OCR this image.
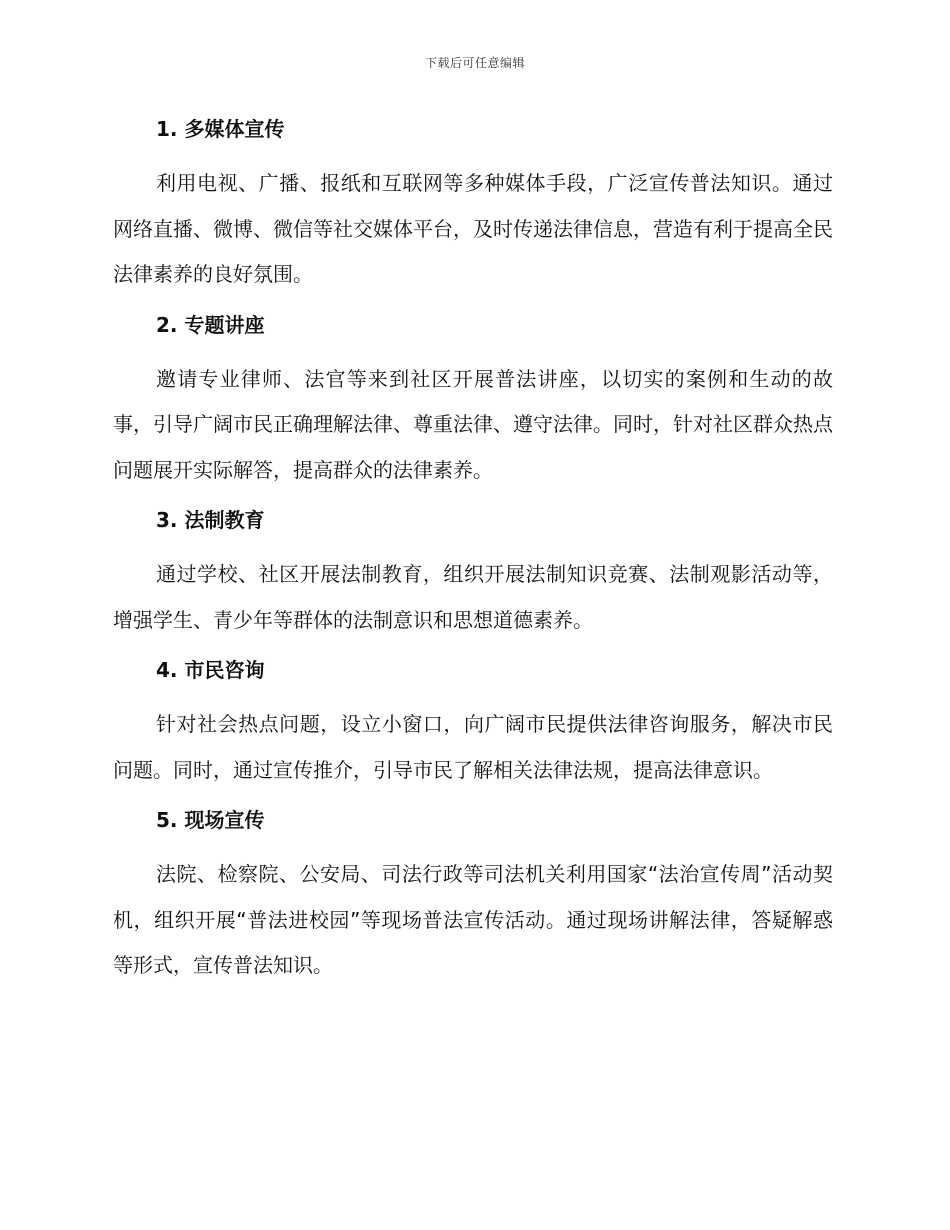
下载后可任意编辑
1. 多媒体宣传

利用电视、广播、报纸和互联网等多种媒体手段，广泛宣传普法知识。通过网络直播、微博、微信等社交媒体平台，及时传递法律信息，营造有利于提高全民法律素养的良好氛围。

2. 专题讲座

邀请专业律师、法官等来到社区开展普法讲座，以切实的案例和生动的故事，引导广阔市民正确理解法律、尊重法律、遵守法律。同时，针对社区群众热点问题展开实际解答，提高群众的法律素养。

3. 法制教育

通过学校、社区开展法制教育，组织开展法制知识竞赛、法制观影活动等，增强学生、青少年等群体的法制意识和思想道德素养。

4. 市民咨询

针对社会热点问题，设立小窗口，向广阔市民提供法律咨询服务，解决市民问题。同时，通过宣传推介，引导市民了解相关法律法规，提高法律意识。

5. 现场宣传

法院、检察院、公安局、司法行政等司法机关利用国家“法治宣传周”活动契机，组织开展“普法进校园”等现场普法宣传活动。通过现场讲解法律，答疑解惑等形式，宣传普法知识。
